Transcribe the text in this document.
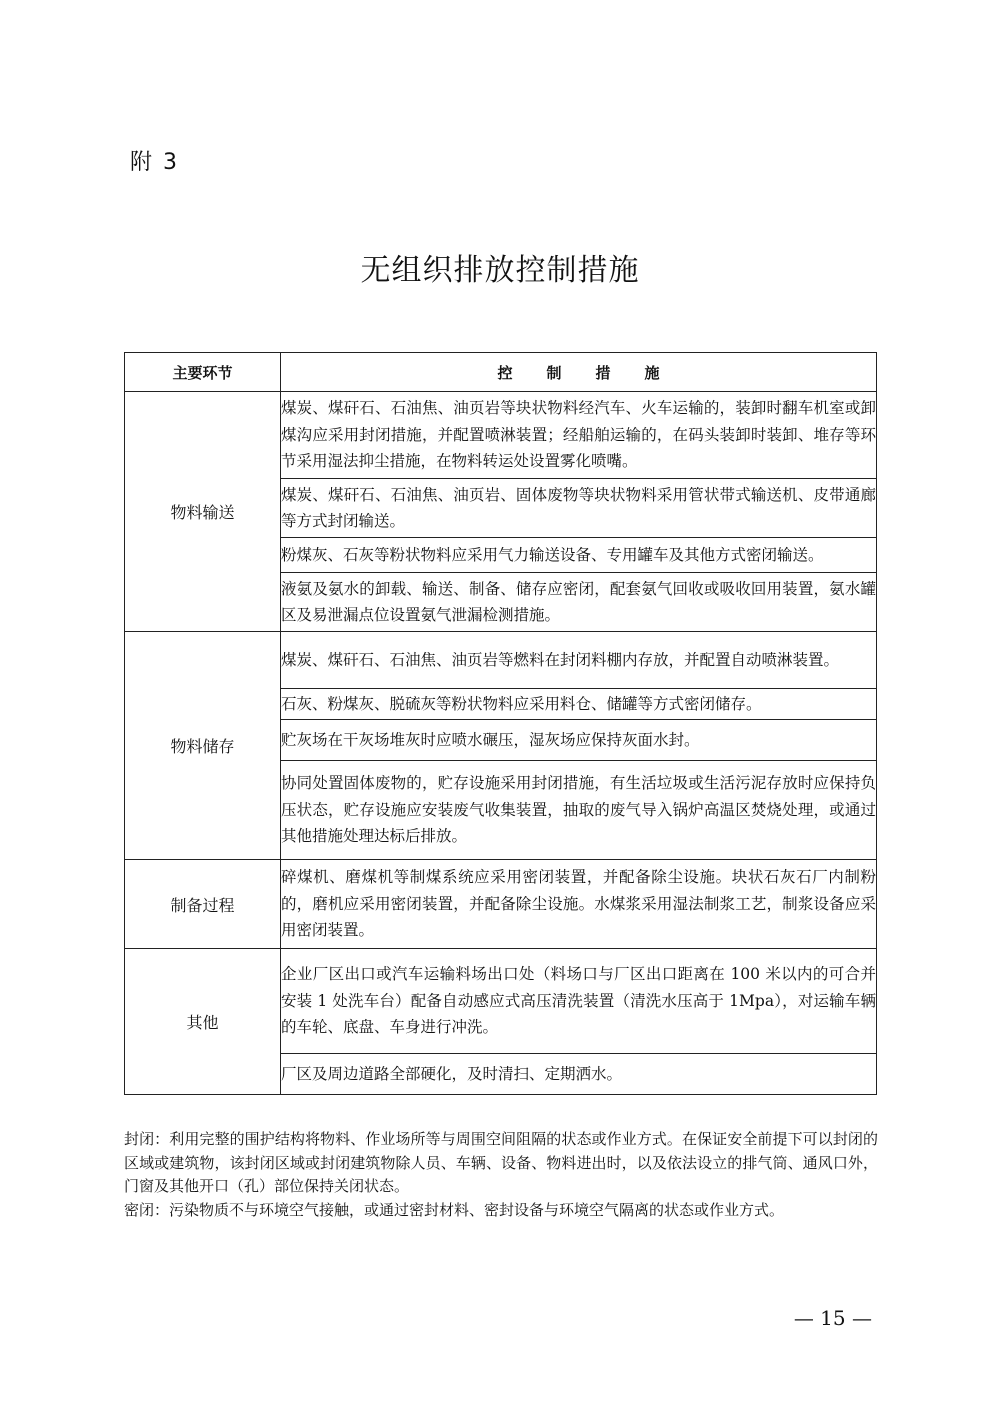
附 3
无组织排放控制措施
主要环节	控制措施
物料输送	煤炭、煤矸石、石油焦、油页岩等块状物料经汽车、火车运输的，装卸时翻车机室或卸煤沟应采用封闭措施，并配置喷淋装置；经船舶运输的，在码头装卸时装卸、堆存等环节采用湿法抑尘措施，在物料转运处设置雾化喷嘴。
	煤炭、煤矸石、石油焦、油页岩、固体废物等块状物料采用管状带式输送机、皮带通廊等方式封闭输送。
	粉煤灰、石灰等粉状物料应采用气力输送设备、专用罐车及其他方式密闭输送。
	液氨及氨水的卸载、输送、制备、储存应密闭，配套氨气回收或吸收回用装置，氨水罐区及易泄漏点位设置氨气泄漏检测措施。
物料储存	煤炭、煤矸石、石油焦、油页岩等燃料在封闭料棚内存放，并配置自动喷淋装置。
	石灰、粉煤灰、脱硫灰等粉状物料应采用料仓、储罐等方式密闭储存。
	贮灰场在干灰场堆灰时应喷水碾压，湿灰场应保持灰面水封。
	协同处置固体废物的，贮存设施采用封闭措施，有生活垃圾或生活污泥存放时应保持负压状态，贮存设施应安装废气收集装置，抽取的废气导入锅炉高温区焚烧处理，或通过其他措施处理达标后排放。
制备过程	碎煤机、磨煤机等制煤系统应采用密闭装置，并配备除尘设施。块状石灰石厂内制粉的，磨机应采用密闭装置，并配备除尘设施。水煤浆采用湿法制浆工艺，制浆设备应采用密闭装置。
其他	企业厂区出口或汽车运输料场出口处（料场口与厂区出口距离在 100 米以内的可合并安装 1 处洗车台）配备自动感应式高压清洗装置（清洗水压高于 1Mpa），对运输车辆的车轮、底盘、车身进行冲洗。
	厂区及周边道路全部硬化，及时清扫、定期洒水。

封闭：利用完整的围护结构将物料、作业场所等与周围空间阻隔的状态或作业方式。在保证安全前提下可以封闭的区域或建筑物，该封闭区域或封闭建筑物除人员、车辆、设备、物料进出时，以及依法设立的排气筒、通风口外，门窗及其他开口（孔）部位保持关闭状态。

密闭：污染物质不与环境空气接触，或通过密封材料、密封设备与环境空气隔离的状态或作业方式。

— 15 —
